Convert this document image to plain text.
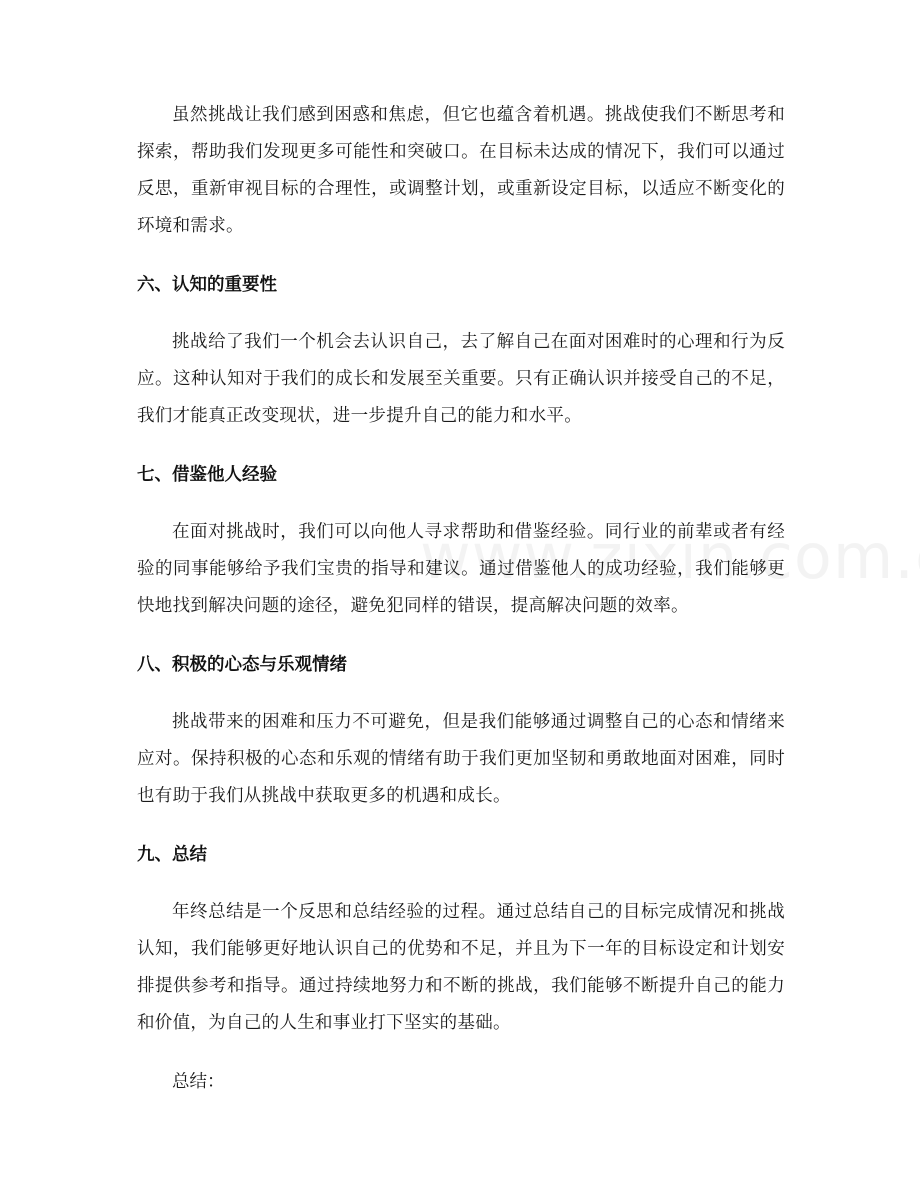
虽然挑战让我们感到困惑和焦虑，但它也蕴含着机遇。挑战使我们不断思考和探索，帮助我们发现更多可能性和突破口。在目标未达成的情况下，我们可以通过反思，重新审视目标的合理性，或调整计划，或重新设定目标，以适应不断变化的环境和需求。

六、认知的重要性

挑战给了我们一个机会去认识自己，去了解自己在面对困难时的心理和行为反应。这种认知对于我们的成长和发展至关重要。只有正确认识并接受自己的不足，我们才能真正改变现状，进一步提升自己的能力和水平。

七、借鉴他人经验

在面对挑战时，我们可以向他人寻求帮助和借鉴经验。同行业的前辈或者有经验的同事能够给予我们宝贵的指导和建议。通过借鉴他人的成功经验，我们能够更快地找到解决问题的途径，避免犯同样的错误，提高解决问题的效率。

八、积极的心态与乐观情绪

挑战带来的困难和压力不可避免，但是我们能够通过调整自己的心态和情绪来应对。保持积极的心态和乐观的情绪有助于我们更加坚韧和勇敢地面对困难，同时也有助于我们从挑战中获取更多的机遇和成长。

九、总结

年终总结是一个反思和总结经验的过程。通过总结自己的目标完成情况和挑战认知，我们能够更好地认识自己的优势和不足，并且为下一年的目标设定和计划安排提供参考和指导。通过持续地努力和不断的挑战，我们能够不断提升自己的能力和价值，为自己的人生和事业打下坚实的基础。

总结：
